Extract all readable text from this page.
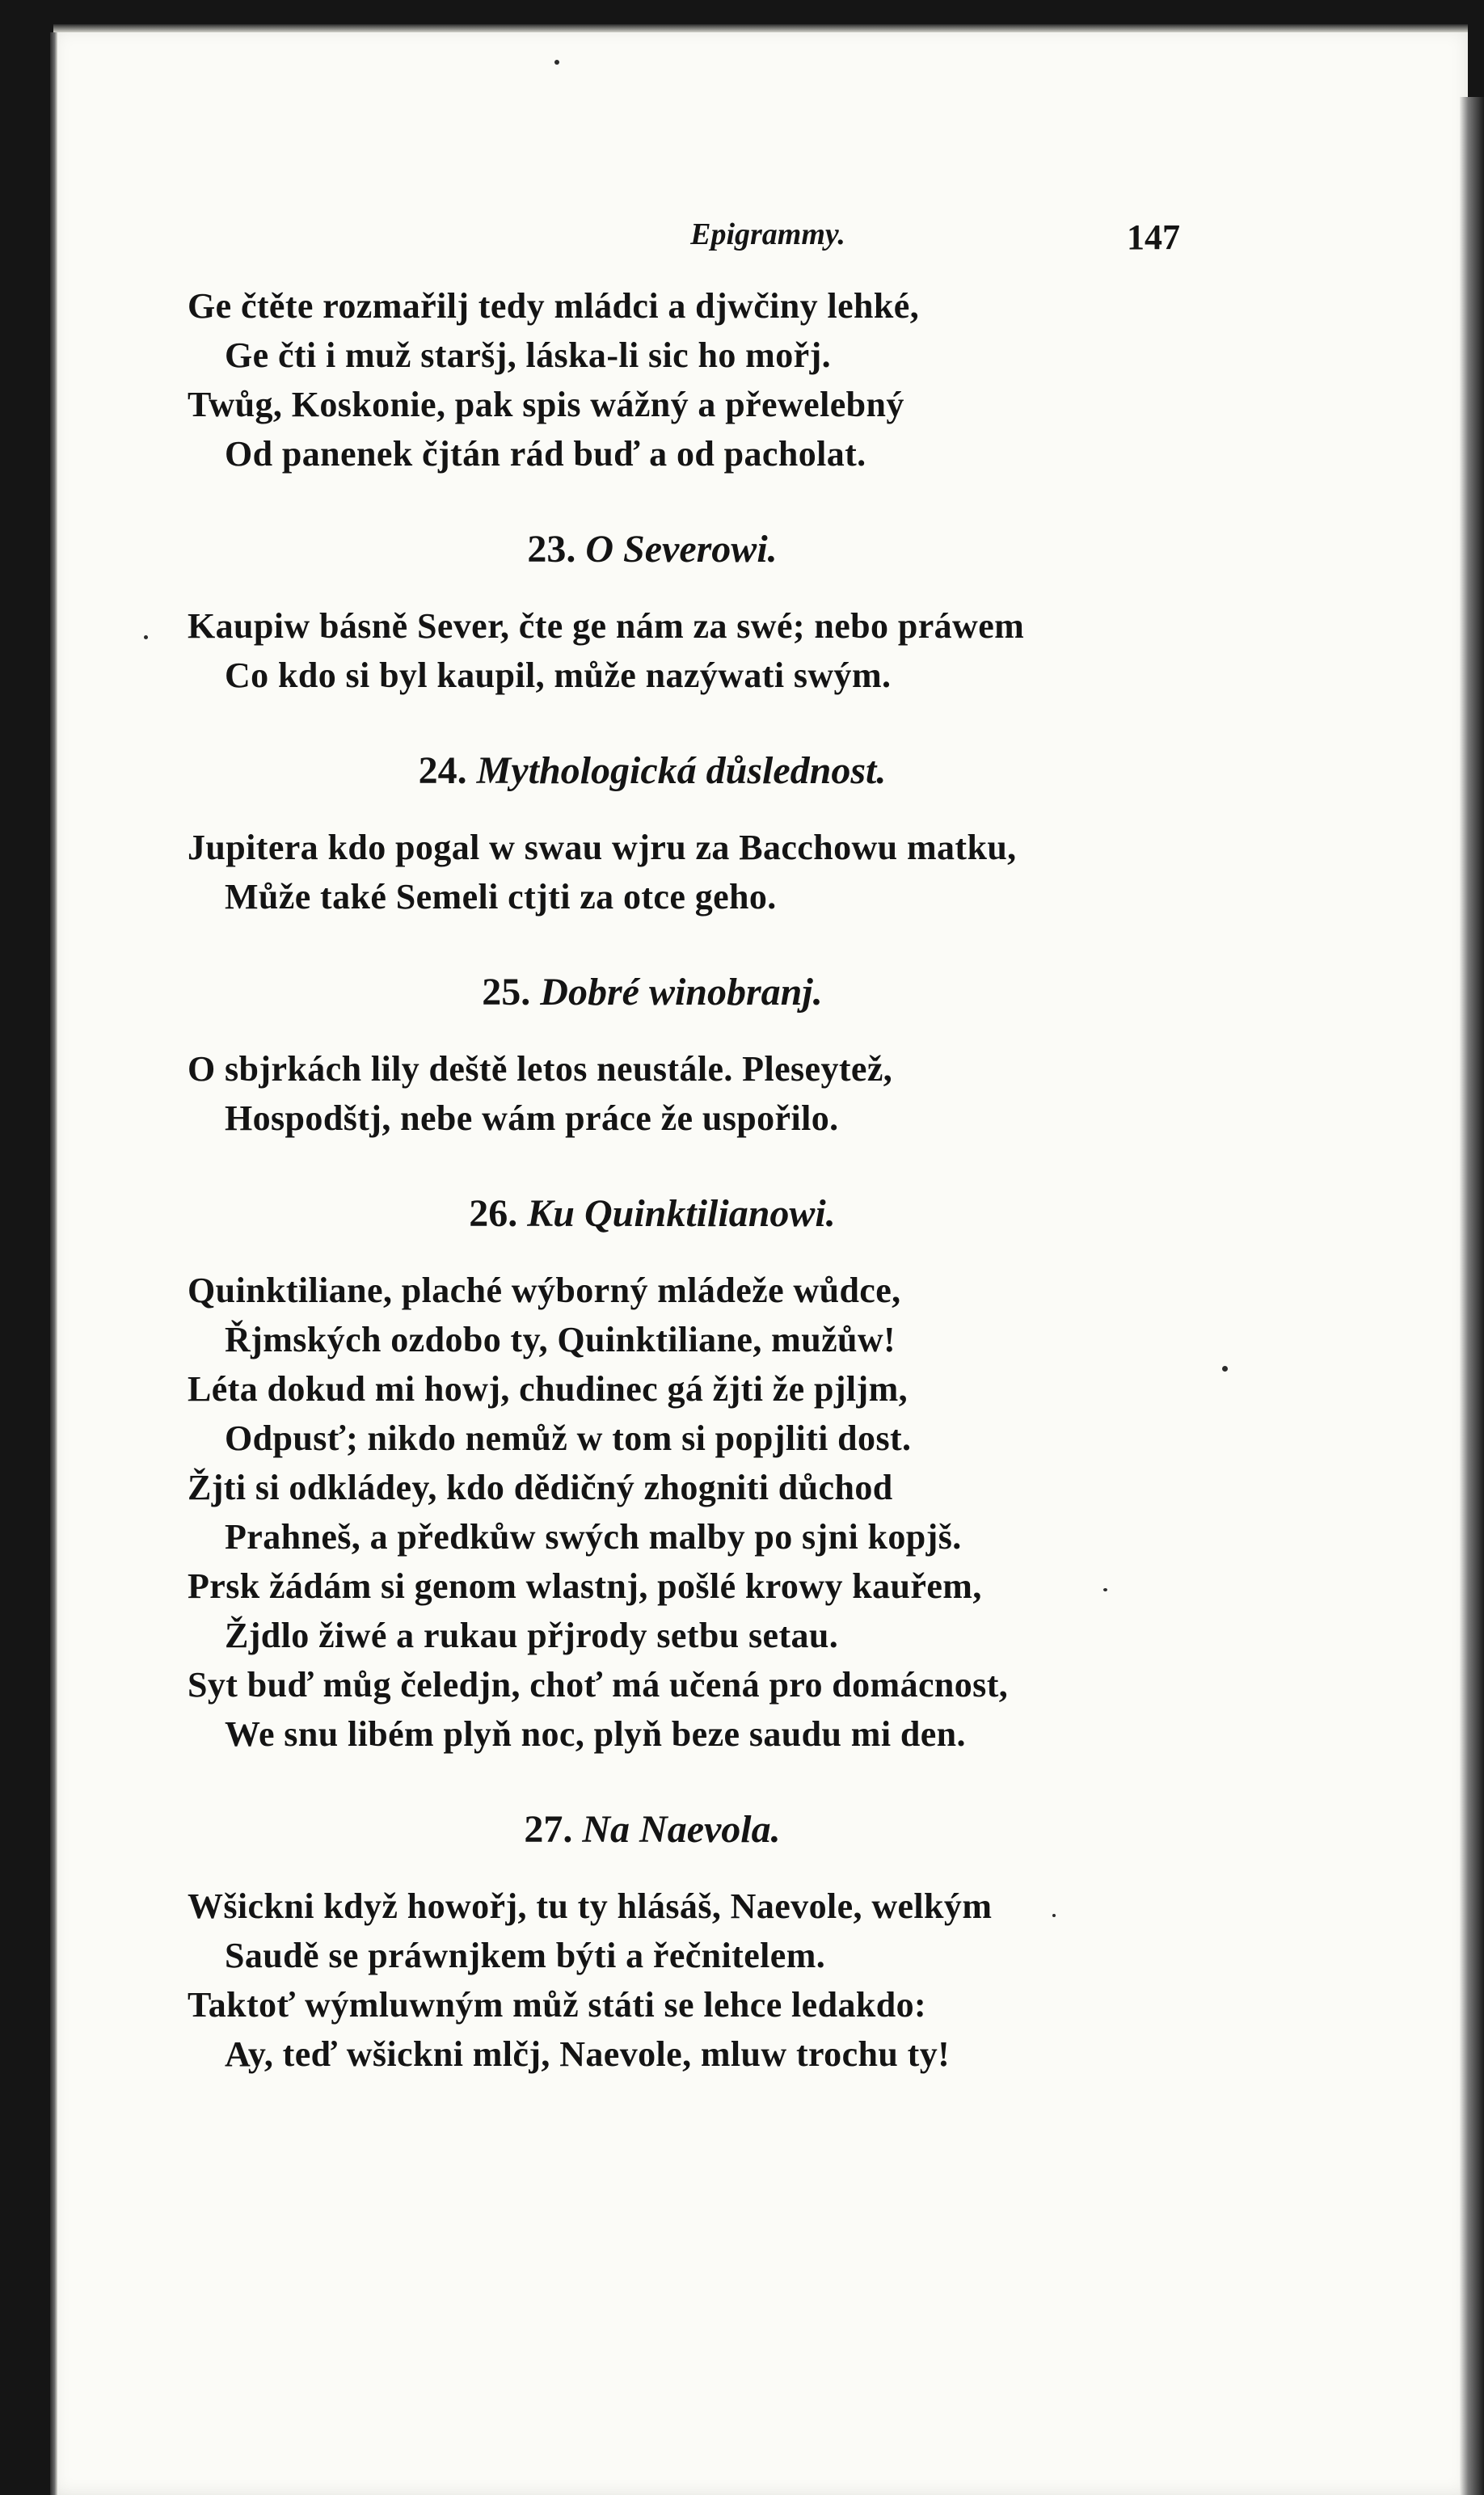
Epigrammy.	147
Ge čtěte rozmařilj tedy mládci a djwčiny lehké,
Ge čti i muž staršj, láska-li sic ho mořj.
Twůg, Koskonie, pak spis wážný a přewelebný
Od panenek čjtán rád buď a od pacholat.
23. O Severowi.
Kaupiw básně Sever, čte ge nám za swé; nebo práwem
Co kdo si byl kaupil, může nazýwati swým.
24. Mythologická důslednost.
Jupitera kdo pogal w swau wjru za Bacchowu matku,
Může také Semeli ctjti za otce geho.
25. Dobré winobranj.
O sbjrkách lily deště letos neustále. Pleseytež,
Hospodštj, nebe wám práce že uspořilo.
26. Ku Quinktilianowi.
Quinktiliane, plaché wýborný mládeže wůdce,
Řjmských ozdobo ty, Quinktiliane, mužůw!
Léta dokud mi howj, chudinec gá žjti že pjljm,
Odpusť; nikdo nemůž w tom si popjliti dost.
Žjti si odkládey, kdo dědičný zhogniti důchod
Prahneš, a předkůw swých malby po sjni kopjš.
Prsk žádám si genom wlastnj, pošlé krowy kauřem,
Žjdlo žiwé a rukau přjrody setbu setau.
Syt buď můg čeledjn, choť má učená pro domácnost,
We snu libém plyň noc, plyň beze saudu mi den.
27. Na Naevola.
Wšickni když howořj, tu ty hlásáš, Naevole, welkým
Saudě se práwnjkem býti a řečnitelem.
Taktoť wýmluwným můž státi se lehce ledakdo:
Ay, teď wšickni mlčj, Naevole, mluw trochu ty!
